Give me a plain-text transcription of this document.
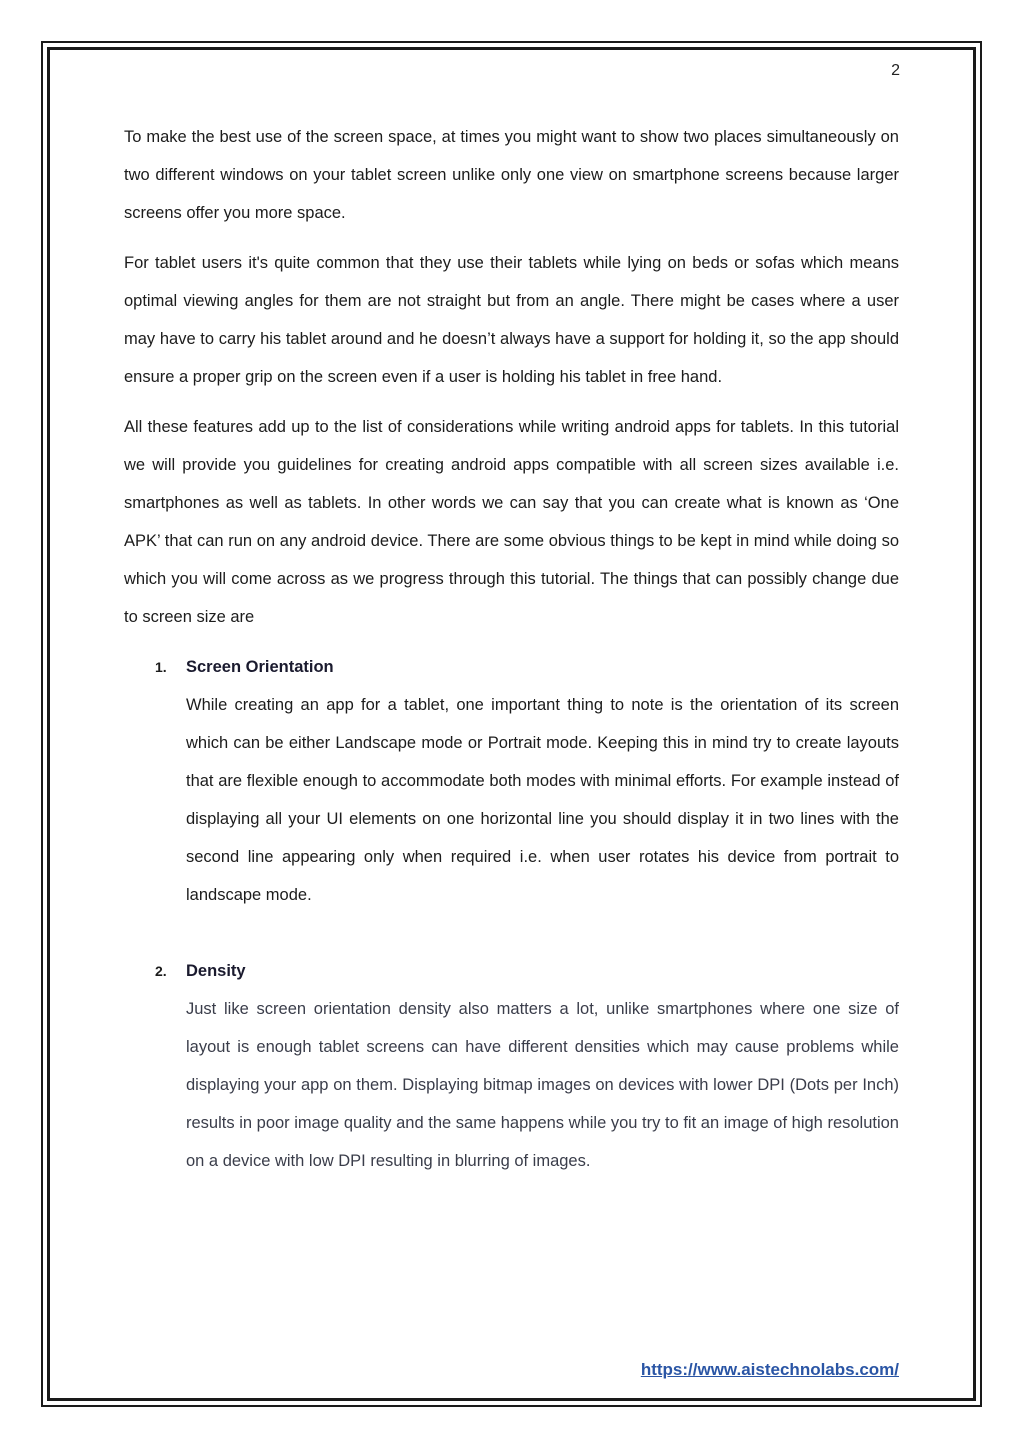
2

To make the best use of the screen space, at times you might want to show two places simultaneously on two different windows on your tablet screen unlike only one view on smartphone screens because larger screens offer you more space.

For tablet users it's quite common that they use their tablets while lying on beds or sofas which means optimal viewing angles for them are not straight but from an angle. There might be cases where a user may have to carry his tablet around and he doesn’t always have a support for holding it, so the app should ensure a proper grip on the screen even if a user is holding his tablet in free hand.

All these features add up to the list of considerations while writing android apps for tablets. In this tutorial we will provide you guidelines for creating android apps compatible with all screen sizes available i.e. smartphones as well as tablets. In other words we can say that you can create what is known as ‘One APK’ that can run on any android device. There are some obvious things to be kept in mind while doing so which you will come across as we progress through this tutorial. The things that can possibly change due to screen size are

1. Screen Orientation

While creating an app for a tablet, one important thing to note is the orientation of its screen which can be either Landscape mode or Portrait mode. Keeping this in mind try to create layouts that are flexible enough to accommodate both modes with minimal efforts. For example instead of displaying all your UI elements on one horizontal line you should display it in two lines with the second line appearing only when required i.e. when user rotates his device from portrait to landscape mode.

2. Density

Just like screen orientation density also matters a lot, unlike smartphones where one size of layout is enough tablet screens can have different densities which may cause problems while displaying your app on them. Displaying bitmap images on devices with lower DPI (Dots per Inch) results in poor image quality and the same happens while you try to fit an image of high resolution on a device with low DPI resulting in blurring of images.

https://www.aistechnolabs.com/
